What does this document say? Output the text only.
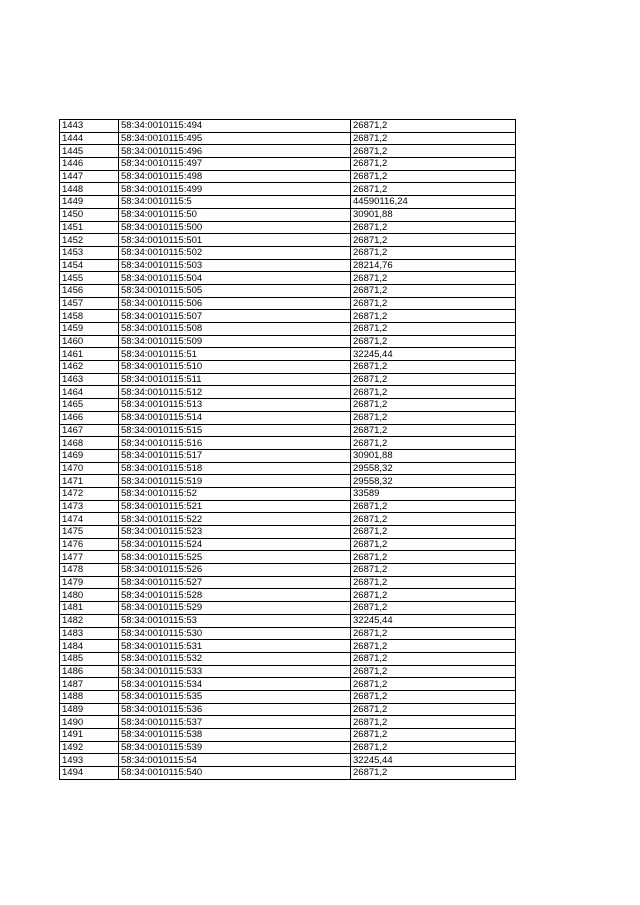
1443	58:34:0010115:494	26871,2
1444	58:34:0010115:495	26871,2
1445	58:34:0010115:496	26871,2
1446	58:34:0010115:497	26871,2
1447	58:34:0010115:498	26871,2
1448	58:34:0010115:499	26871,2
1449	58:34:0010115:5	44590116,24
1450	58:34:0010115:50	30901,88
1451	58:34:0010115:500	26871,2
1452	58:34:0010115:501	26871,2
1453	58:34:0010115:502	26871,2
1454	58:34:0010115:503	28214,76
1455	58:34:0010115:504	26871,2
1456	58:34:0010115:505	26871,2
1457	58:34:0010115:506	26871,2
1458	58:34:0010115:507	26871,2
1459	58:34:0010115:508	26871,2
1460	58:34:0010115:509	26871,2
1461	58:34:0010115:51	32245,44
1462	58:34:0010115:510	26871,2
1463	58:34:0010115:511	26871,2
1464	58:34:0010115:512	26871,2
1465	58:34:0010115:513	26871,2
1466	58:34:0010115:514	26871,2
1467	58:34:0010115:515	26871,2
1468	58:34:0010115:516	26871,2
1469	58:34:0010115:517	30901,88
1470	58:34:0010115:518	29558,32
1471	58:34:0010115:519	29558,32
1472	58:34:0010115:52	33589
1473	58:34:0010115:521	26871,2
1474	58:34:0010115:522	26871,2
1475	58:34:0010115:523	26871,2
1476	58:34:0010115:524	26871,2
1477	58:34:0010115:525	26871,2
1478	58:34:0010115:526	26871,2
1479	58:34:0010115:527	26871,2
1480	58:34:0010115:528	26871,2
1481	58:34:0010115:529	26871,2
1482	58:34:0010115:53	32245,44
1483	58:34:0010115:530	26871,2
1484	58:34:0010115:531	26871,2
1485	58:34:0010115:532	26871,2
1486	58:34:0010115:533	26871,2
1487	58:34:0010115:534	26871,2
1488	58:34:0010115:535	26871,2
1489	58:34:0010115:536	26871,2
1490	58:34:0010115:537	26871,2
1491	58:34:0010115:538	26871,2
1492	58:34:0010115:539	26871,2
1493	58:34:0010115:54	32245,44
1494	58:34:0010115:540	26871,2
